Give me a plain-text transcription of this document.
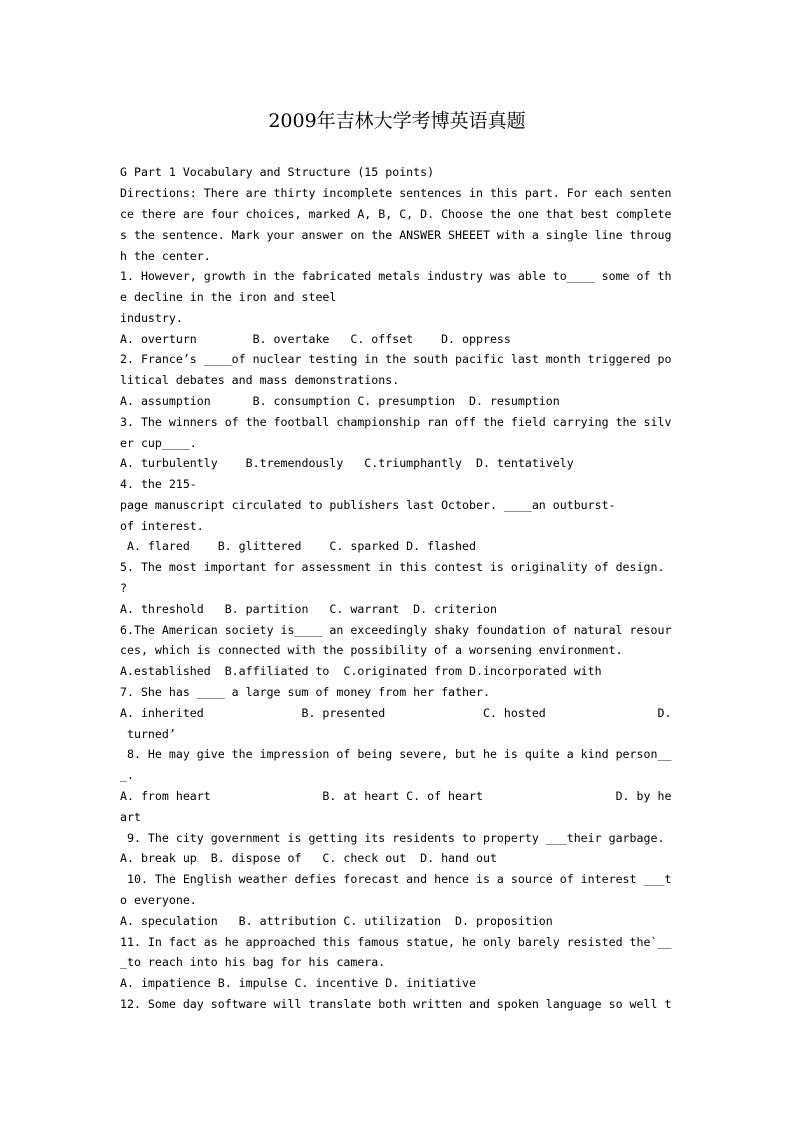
2009年吉林大学考博英语真题
G Part 1 Vocabulary and Structure (15 points)
Directions: There are thirty incomplete sentences in this part. For each senten
ce there are four choices, marked A, B, C, D. Choose the one that best complete
s the sentence. Mark your answer on the ANSWER SHEEET with a single line throug
h the center.
1. However, growth in the fabricated metals industry was able to____ some of th
e decline in the iron and steel
industry.
A. overturn        B. overtake   C. offset    D. oppress
2. France’s ____of nuclear testing in the south pacific last month triggered po
litical debates and mass demonstrations.
A. assumption      B. consumption C. presumption  D. resumption
3. The winners of the football championship ran off the field carrying the silv
er cup____.
A. turbulently    B.tremendously   C.triumphantly  D. tentatively
4. the 215-
page manuscript circulated to publishers last October. ____an outburst-
of interest.
A. flared    B. glittered    C. sparked D. flashed
5. The most important for assessment in this contest is originality of design.
?
A. threshold   B. partition   C. warrant  D. criterion
6.The American society is____ an exceedingly shaky foundation of natural resour
ces, which is connected with the possibility of a worsening environment.
A.established  B.affiliated to  C.originated from D.incorporated with
7. She has ____ a large sum of money from her father.
A. inherited              B. presented              C. hosted                D.
turned’
8. He may give the impression of being severe, but he is quite a kind person__
_.
A. from heart                B. at heart C. of heart                   D. by he
art
9. The city government is getting its residents to property ___their garbage.
A. break up  B. dispose of   C. check out  D. hand out
10. The English weather defies forecast and hence is a source of interest ___t
o everyone.
A. speculation   B. attribution C. utilization  D. proposition
11. In fact as he approached this famous statue, he only barely resisted the`__
_to reach into his bag for his camera.
A. impatience B. impulse C. incentive D. initiative
12. Some day software will translate both written and spoken language so well t
